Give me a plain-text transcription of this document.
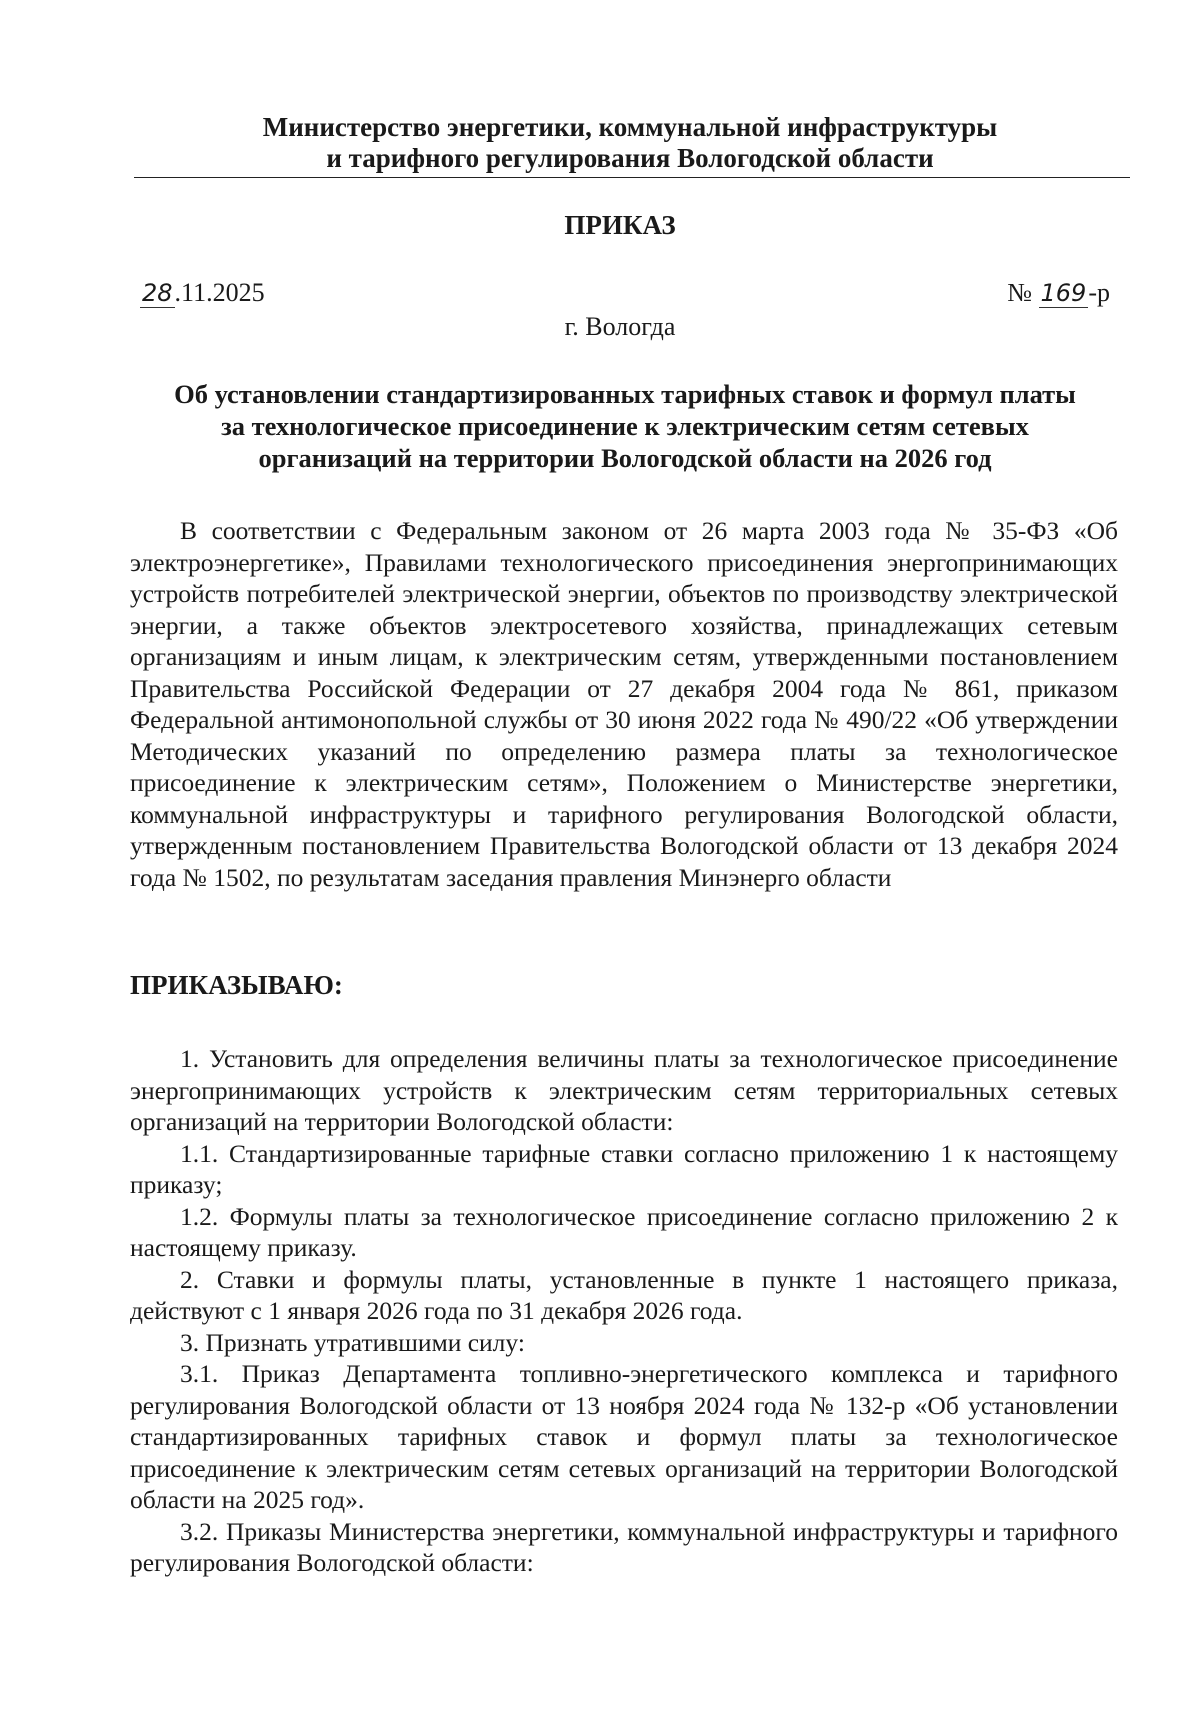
Министерство энергетики, коммунальной инфраструктуры
и тарифного регулирования Вологодской области
ПРИКАЗ
28.11.2025	№ 169-р
г. Вологда
Об установлении стандартизированных тарифных ставок и формул платы
за технологическое присоединение к электрическим сетям сетевых
организаций на территории Вологодской области на 2026 год
В соответствии с Федеральным законом от 26 марта 2003 года № 35-ФЗ «Об электроэнергетике», Правилами технологического присоединения энергопринимающих устройств потребителей электрической энергии, объектов по производству электрической энергии, а также объектов электросетевого хозяйства, принадлежащих сетевым организациям и иным лицам, к электрическим сетям, утвержденными постановлением Правительства Российской Федерации от 27 декабря 2004 года № 861, приказом Федеральной антимонопольной службы от 30 июня 2022 года № 490/22 «Об утверждении Методических указаний по определению размера платы за технологическое присоединение к электрическим сетям», Положением о Министерстве энергетики, коммунальной инфраструктуры и тарифного регулирования Вологодской области, утвержденным постановлением Правительства Вологодской области от 13 декабря 2024 года № 1502, по результатам заседания правления Минэнерго области
ПРИКАЗЫВАЮ:

1. Установить для определения величины платы за технологическое присоединение энергопринимающих устройств к электрическим сетям территориальных сетевых организаций на территории Вологодской области:

1.1. Стандартизированные тарифные ставки согласно приложению 1 к настоящему приказу;

1.2. Формулы платы за технологическое присоединение согласно приложению 2 к настоящему приказу.

2. Ставки и формулы платы, установленные в пункте 1 настоящего приказа, действуют с 1 января 2026 года по 31 декабря 2026 года.

3. Признать утратившими силу:

3.1. Приказ Департамента топливно-энергетического комплекса и тарифного регулирования Вологодской области от 13 ноября 2024 года № 132-р «Об установлении стандартизированных тарифных ставок и формул платы за технологическое присоединение к электрическим сетям сетевых организаций на территории Вологодской области на 2025 год».

3.2. Приказы Министерства энергетики, коммунальной инфраструктуры и тарифного регулирования Вологодской области:
